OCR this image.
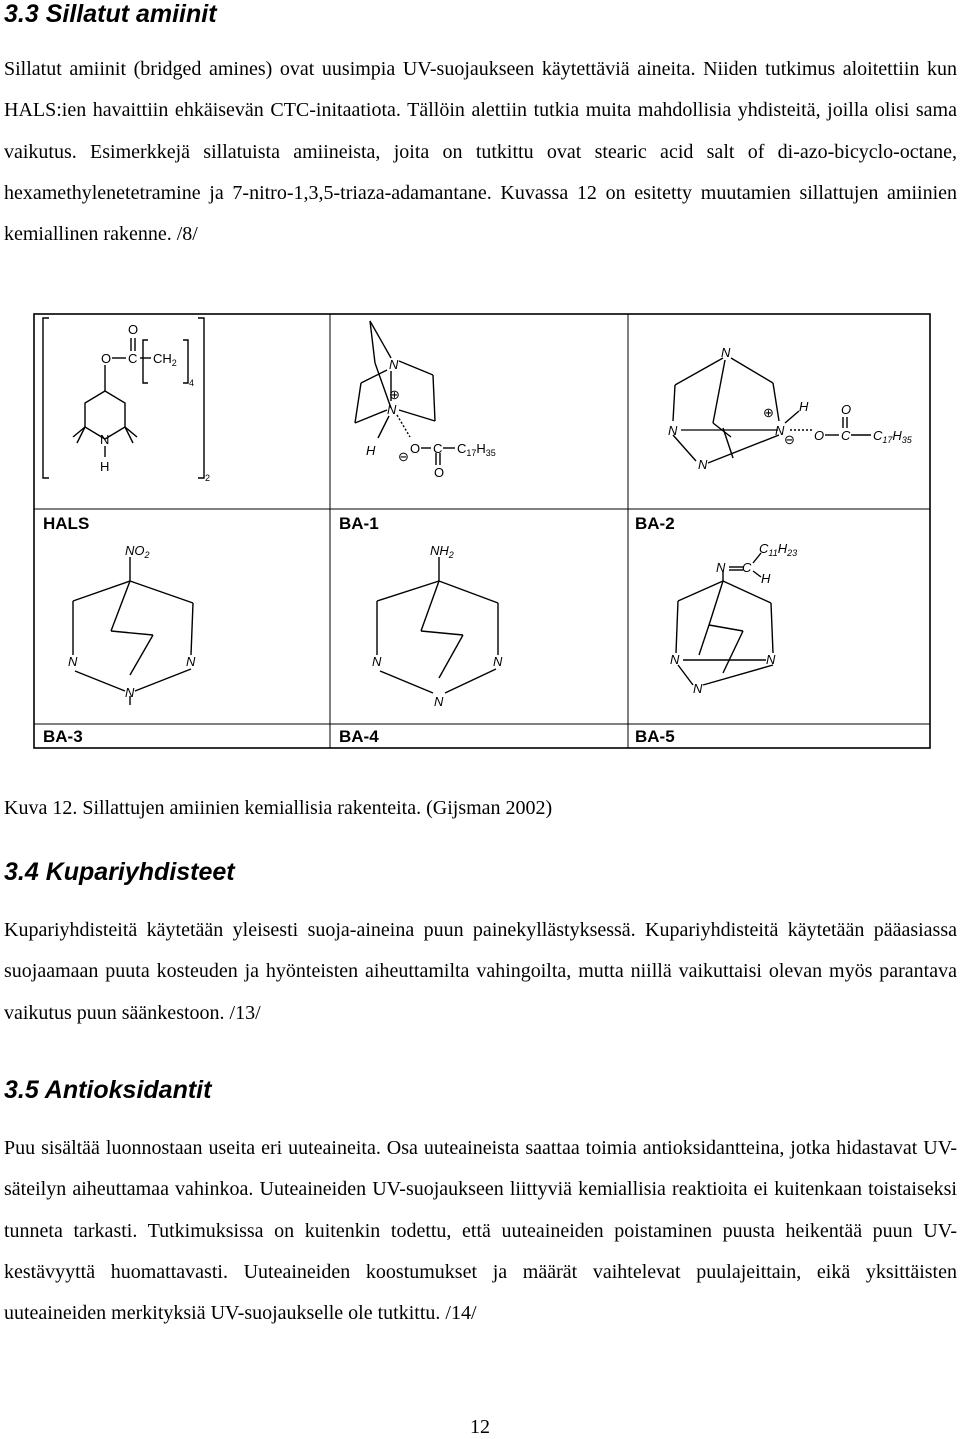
3.3 Sillatut amiinit

Sillatut amiinit (bridged amines) ovat uusimpia UV-suojaukseen käytettäviä aineita. Niiden tutkimus aloitettiin kun HALS:ien havaittiin ehkäisevän CTC-initaatiota. Tällöin alettiin tutkia muita mahdollisia yhdisteitä, joilla olisi sama vaikutus. Esimerkkejä sillatuista amiineista, joita on tutkittu ovat stearic acid salt of di-azo-bicyclo-octane, hexamethylenetetramine ja 7-nitro-1,3,5-triaza-adamantane. Kuvassa 12 on esitetty muutamien sillattujen amiinien kemiallinen rakenne. /8/

HALS	BA-1	BA-2
BA-3	BA-4	BA-5
O
O C $CH_2$
4
N
H
2
N
N
⊕
H ⊖
O C $C_{17}H_{35}$
O
N
N	N
N
⊕ H
⊖ O
O
C $C_{17}H_{35}$
$NO_2$
N	N
N
$NH_2$
N	N
N
N C
$C_{11}H_{23}$
H
N	N
N

Kuva 12. Sillattujen amiinien kemiallisia rakenteita. (Gijsman 2002)

3.4 Kupariyhdisteet

Kupariyhdisteitä käytetään yleisesti suoja-aineina puun painekyllästyksessä. Kupariyhdisteitä käytetään pääasiassa suojaamaan puuta kosteuden ja hyönteisten aiheuttamilta vahingoilta, mutta niillä vaikuttaisi olevan myös parantava vaikutus puun säänkestoon. /13/

3.5 Antioksidantit

Puu sisältää luonnostaan useita eri uuteaineita. Osa uuteaineista saattaa toimia antioksidantteina, jotka hidastavat UV-säteilyn aiheuttamaa vahinkoa. Uuteaineiden UV-suojaukseen liittyviä kemiallisia reaktioita ei kuitenkaan toistaiseksi tunneta tarkasti. Tutkimuksissa on kuitenkin todettu, että uuteaineiden poistaminen puusta heikentää puun UV-kestävyyttä huomattavasti. Uuteaineiden koostumukset ja määrät vaihtelevat puulajeittain, eikä yksittäisten uuteaineiden merkityksiä UV-suojaukselle ole tutkittu. /14/

12
